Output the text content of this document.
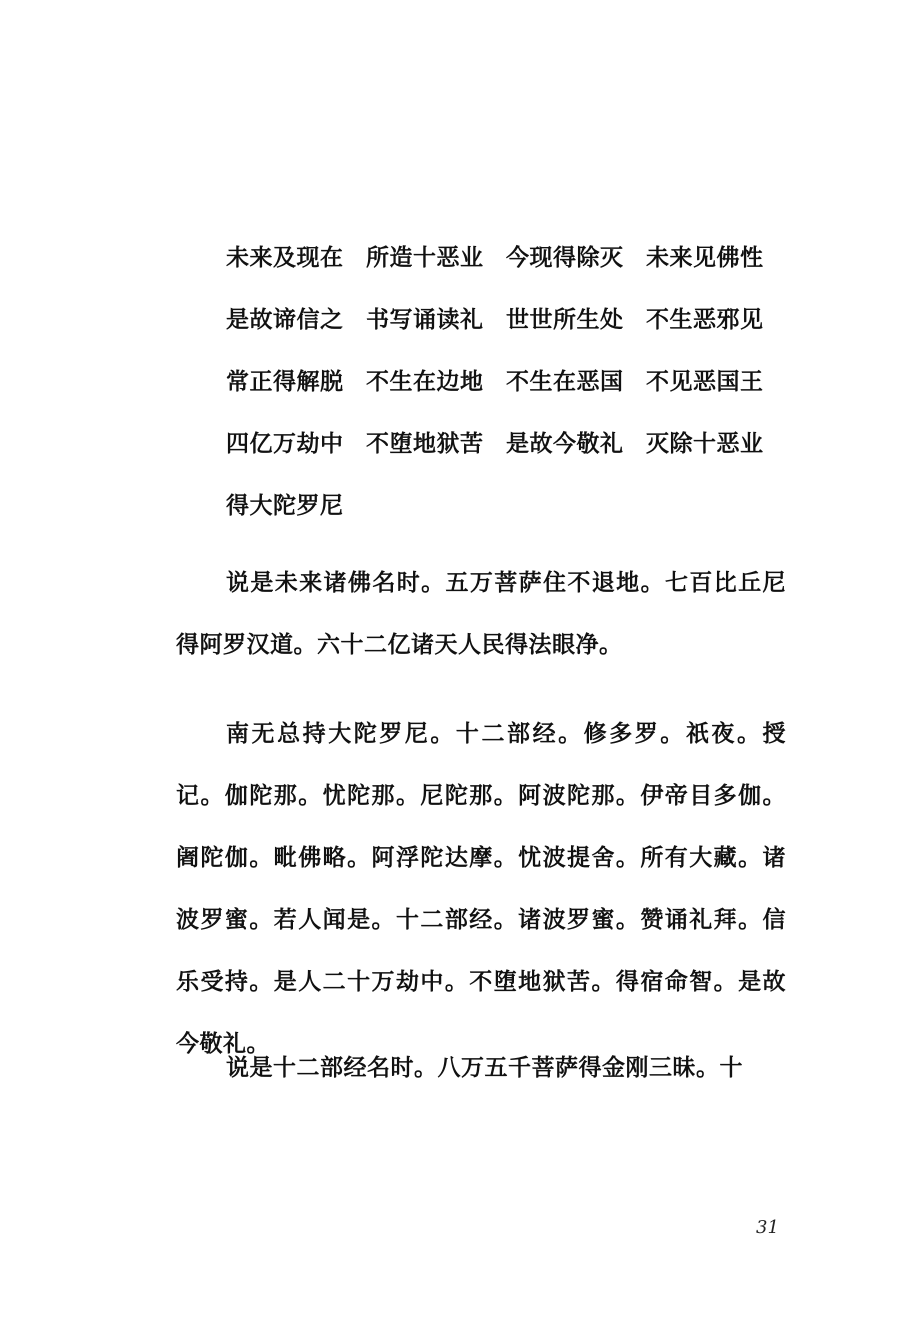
未来及现在 所造十恶业 今现得除灭 未来见佛性
是故谛信之 书写诵读礼 世世所生处 不生恶邪见
常正得解脱 不生在边地 不生在恶国 不见恶国王
四亿万劫中 不堕地狱苦 是故今敬礼 灭除十恶业
得大陀罗尼

说是未来诸佛名时。五万菩萨住不退地。七百比丘尼得阿罗汉道。六十二亿诸天人民得法眼净。

南无总持大陀罗尼。十二部经。修多罗。祇夜。授记。伽陀那。忧陀那。尼陀那。阿波陀那。伊帝目多伽。阇陀伽。毗佛略。阿浮陀达摩。忧波提舍。所有大藏。诸波罗蜜。若人闻是。十二部经。诸波罗蜜。赞诵礼拜。信乐受持。是人二十万劫中。不堕地狱苦。得宿命智。是故今敬礼。

说是十二部经名时。八万五千菩萨得金刚三昧。十

31
